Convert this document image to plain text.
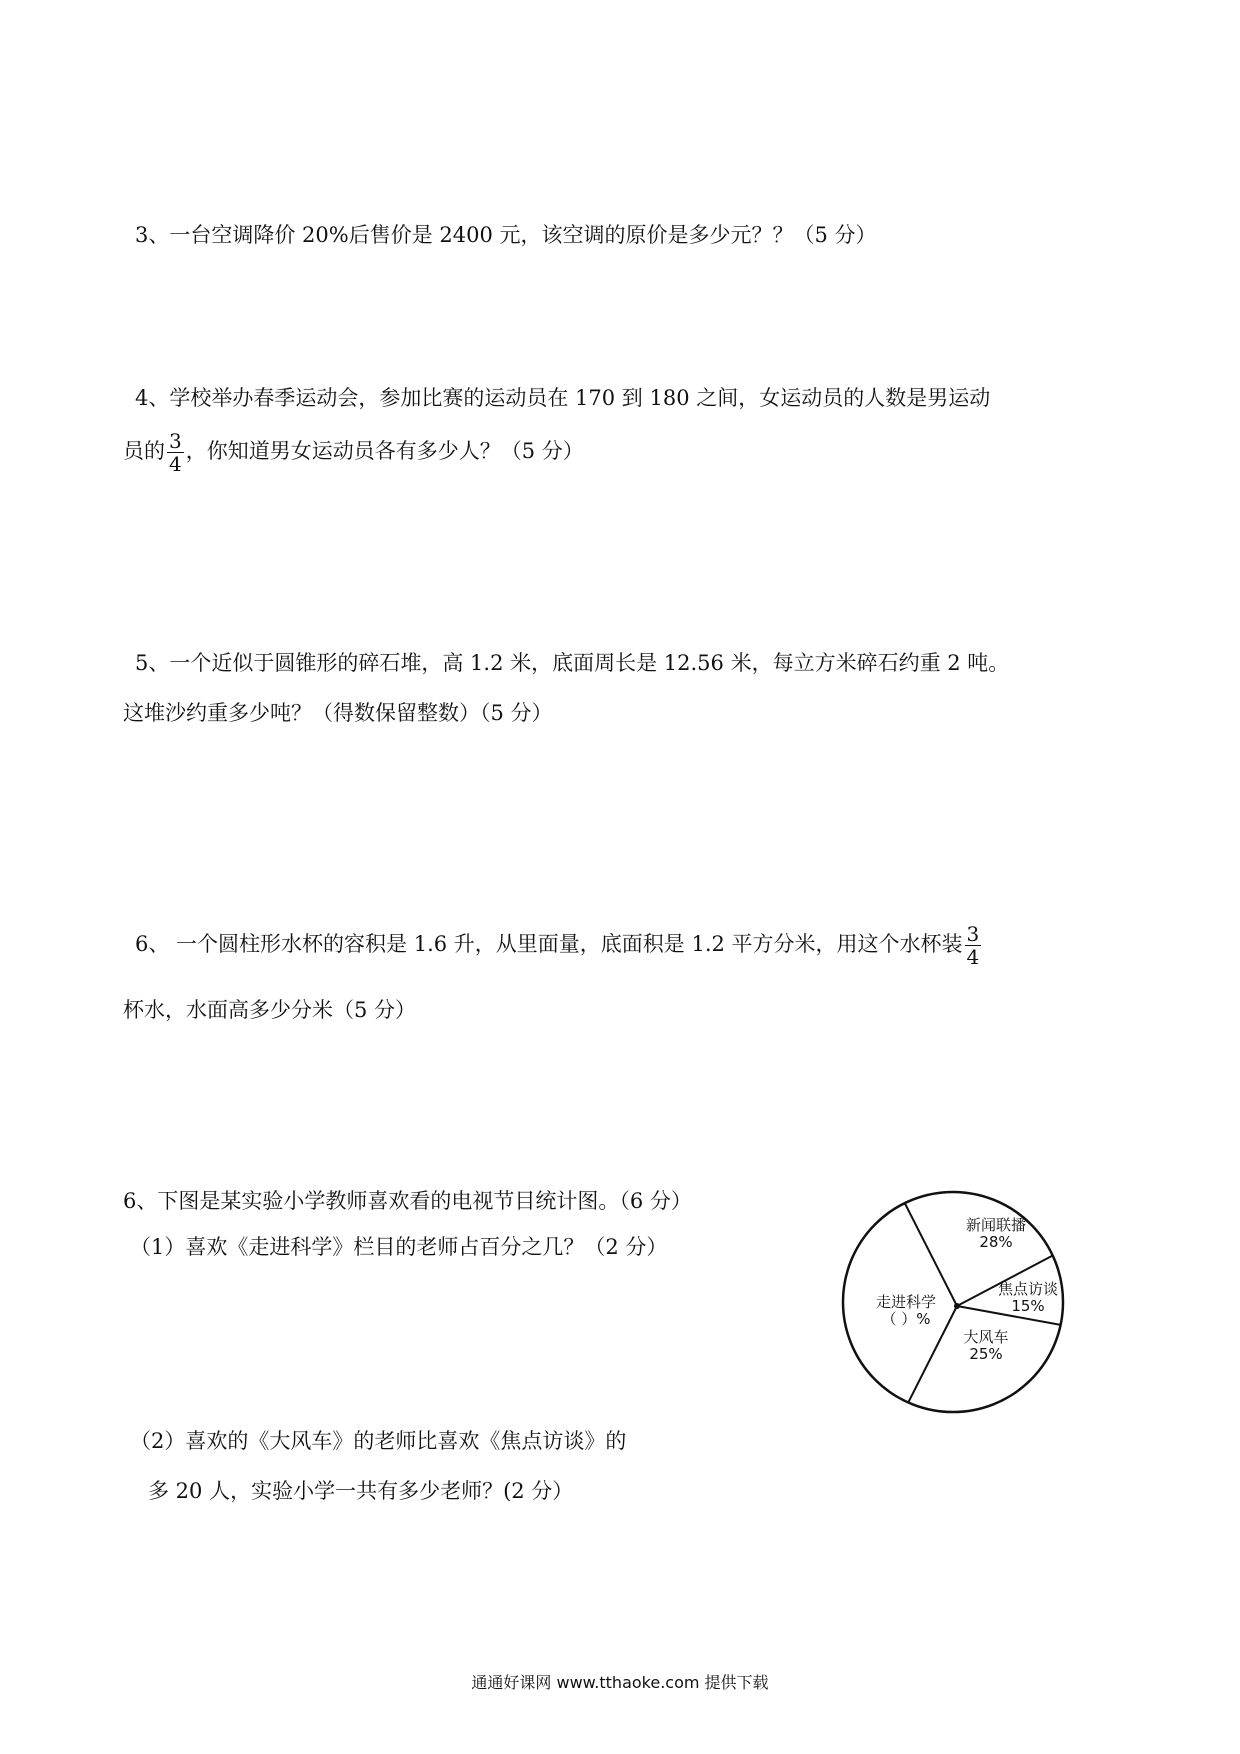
3、一台空调降价 20%后售价是 2400 元，该空调的原价是多少元？？（5 分）
4、学校举办春季运动会，参加比赛的运动员在 170 到 180 之间，女运动员的人数是男运动
员的 $\frac{3}{4}$ ，你知道男女运动员各有多少人？（5 分）
5、一个近似于圆锥形的碎石堆，高 1.2 米，底面周长是 12.56 米，每立方米碎石约重 2 吨。
这堆沙约重多少吨？（得数保留整数）（5 分）
6、 一个圆柱形水杯的容积是 1.6 升，从里面量，底面积是 1.2 平方分米，用这个水杯装 $\frac{3}{4}$
杯水，水面高多少分米（5 分）
6、下图是某实验小学教师喜欢看的电视节目统计图。（6 分）
（1）喜欢《走进科学》栏目的老师占百分之几？（2 分）
（2）喜欢的《大风车》的老师比喜欢《焦点访谈》的
多 20 人，实验小学一共有多少老师？(2 分）
新闻联播
28%
焦点访谈
15%
大风车
25%
走进科学
（ ）%
通通好课网 www.tthaoke.com 提供下载
